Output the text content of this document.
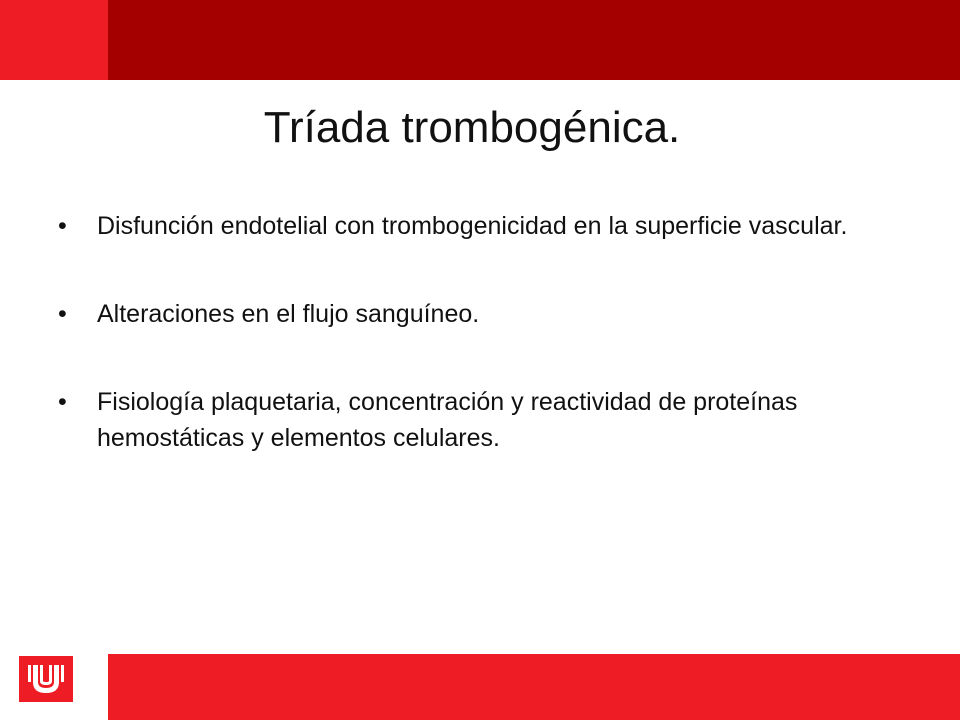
Tríada trombogénica.
• Disfunción endotelial con trombogenicidad en la superficie vascular.
• Alteraciones en el flujo sanguíneo.
• Fisiología plaquetaria, concentración y reactividad de proteínas hemostáticas y elementos celulares.
